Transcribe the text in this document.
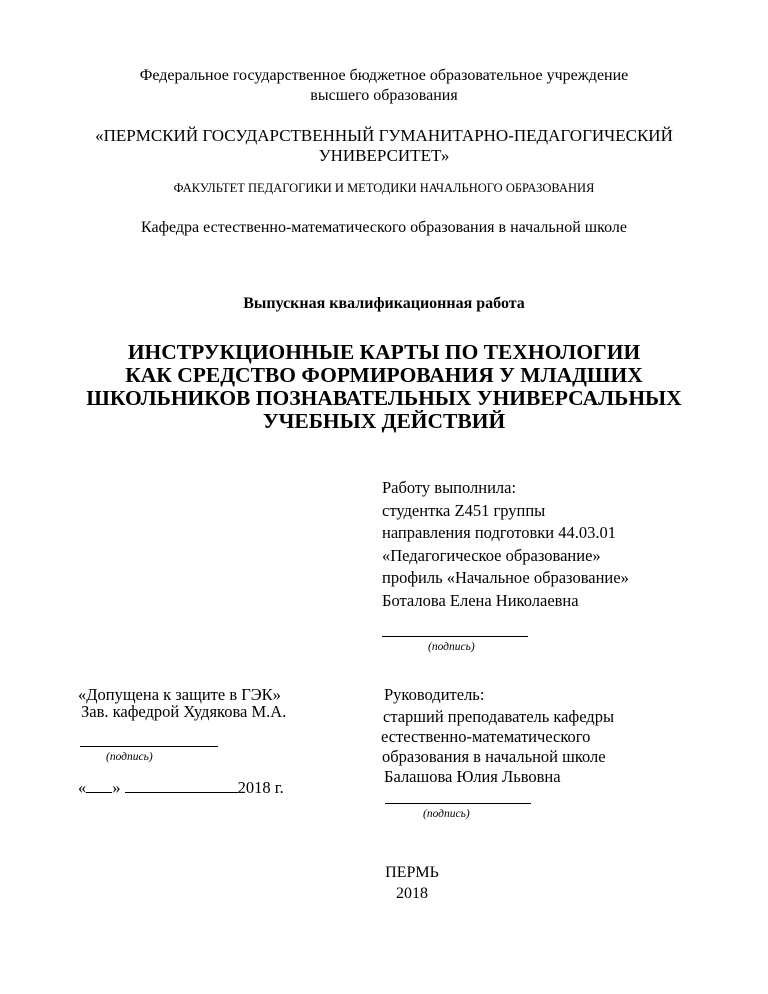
Федеральное государственное бюджетное образовательное учреждение
высшего образования
«ПЕРМСКИЙ ГОСУДАРСТВЕННЫЙ ГУМАНИТАРНО-ПЕДАГОГИЧЕСКИЙ
УНИВЕРСИТЕТ»
ФАКУЛЬТЕТ ПЕДАГОГИКИ И МЕТОДИКИ НАЧАЛЬНОГО ОБРАЗОВАНИЯ
Кафедра естественно-математического образования в начальной школе
Выпускная квалификационная работа
ИНСТРУКЦИОННЫЕ КАРТЫ ПО ТЕХНОЛОГИИ
КАК СРЕДСТВО ФОРМИРОВАНИЯ У МЛАДШИХ
ШКОЛЬНИКОВ ПОЗНАВАТЕЛЬНЫХ УНИВЕРСАЛЬНЫХ
УЧЕБНЫХ ДЕЙСТВИЙ
Работу выполнила:
студентка Z451 группы
направления подготовки 44.03.01
«Педагогическое образование»
профиль «Начальное образование»
Боталова Елена Николаевна
(подпись)
«Допущена к защите в ГЭК»
Зав. кафедрой Худякова М.А.
(подпись)
« »	2018 г.
Руководитель:
старший преподаватель кафедры
естественно-математического
образования в начальной школе
Балашова Юлия Львовна
(подпись)
ПЕРМЬ
2018
